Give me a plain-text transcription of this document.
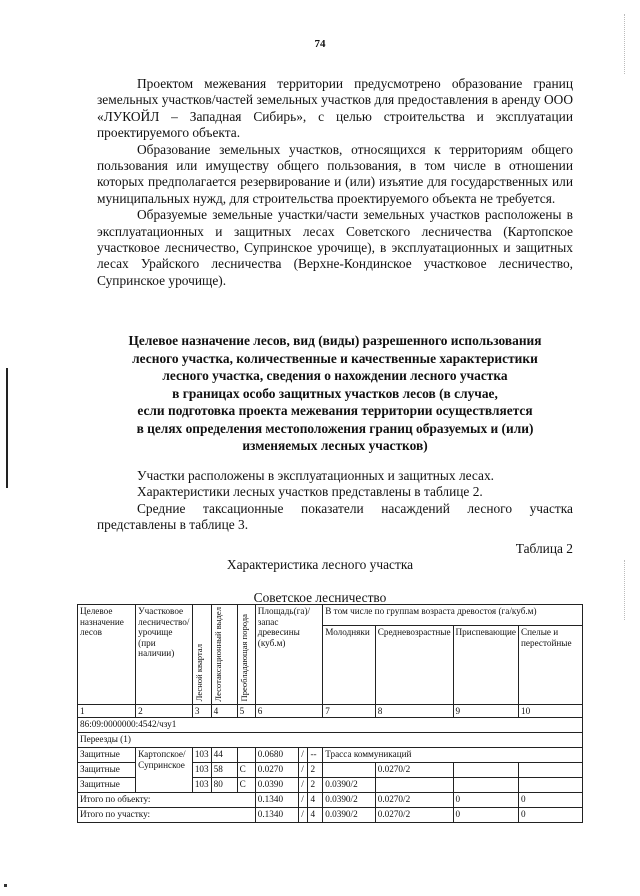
74

Проектом межевания территории предусмотрено образование границ земельных участков/частей земельных участков для предоставления в аренду ООО «ЛУКОЙЛ – Западная Сибирь», с целью строительства и эксплуатации проектируемого объекта.

Образование земельных участков, относящихся к территориям общего пользования или имуществу общего пользования, в том числе в отношении которых предполагается резервирование и (или) изъятие для государственных или муниципальных нужд, для строительства проектируемого объекта не требуется.

Образуемые земельные участки/части земельных участков расположены в эксплуатационных и защитных лесах Советского лесничества (Картопское участковое лесничество, Супринское урочище), в эксплуатационных и защитных лесах Урайского лесничества (Верхне-Кондинское участковое лесничество, Супринское урочище).

Целевое назначение лесов, вид (виды) разрешенного использования
лесного участка, количественные и качественные характеристики
лесного участка, сведения о нахождении лесного участка
в границах особо защитных участков лесов (в случае,
если подготовка проекта межевания территории осуществляется
в целях определения местоположения границ образуемых и (или)
изменяемых лесных участков)

Участки расположены в эксплуатационных и защитных лесах.

Характеристики лесных участков представлены в таблице 2.

Средние таксационные показатели насаждений лесного участка представлены в таблице 3.

Таблица 2
Характеристика лесного участка
Советское лесничество
Целевое назначение лесов	Участковое лесничество/урочище (при наличии)	Лесной квартал	Лесотаксационный выдел	Преобладающая порода	Площадь(га)/ запас древесины (куб.м)			В том числе по группам возраста древостоя (га/куб.м)			
								Молодняки	Средневозрастные	Приспевающие	Спелые и перестойные
1	2	3	4	5	6			7	8	9	10
86:09:0000000:4542/чзу1											
Переезды (1)											
Защитные	Картопское/ Супринское	103	44		0.0680	/	--	Трасса коммуникаций			
Защитные		103	58	С	0.0270	/	2		0.0270/2		
Защитные		103	80	С	0.0390	/	2	0.0390/2			
Итого по объекту:					0.1340	/	4	0.0390/2	0.0270/2	0	0
Итого по участку:					0.1340	/	4	0.0390/2	0.0270/2	0	0
